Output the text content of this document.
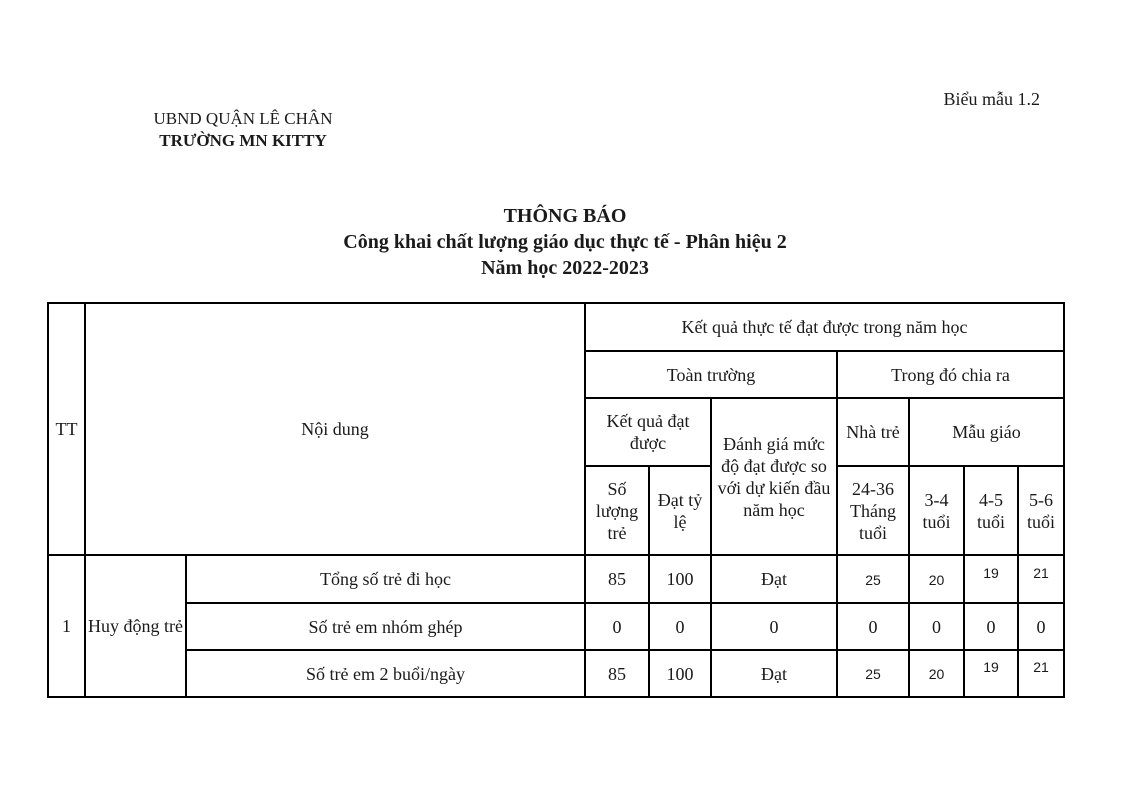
Biểu mẫu 1.2
UBND QUẬN LÊ CHÂN
TRƯỜNG MN KITTY
THÔNG BÁO
Công khai chất lượng giáo dục thực tế - Phân hiệu 2
Năm học 2022-2023
TT	Nội dung		Kết quả thực tế đạt được trong năm học						
			Toàn trường			Trong đó chia ra			
			Kết quả đạt được		Đánh giá mức độ đạt được so với dự kiến đầu năm học	Nhà trẻ	Mẫu giáo		
			Số lượng trẻ	Đạt tỷ lệ		24-36 Tháng tuổi	3-4 tuổi	4-5 tuổi	5-6 tuổi
1	Huy động trẻ	Tổng số trẻ đi học	85	100	Đạt	25	20	19	21
		Số trẻ em nhóm ghép	0	0	0	0	0	0	0
		Số trẻ em 2 buổi/ngày	85	100	Đạt	25	20	19	21
